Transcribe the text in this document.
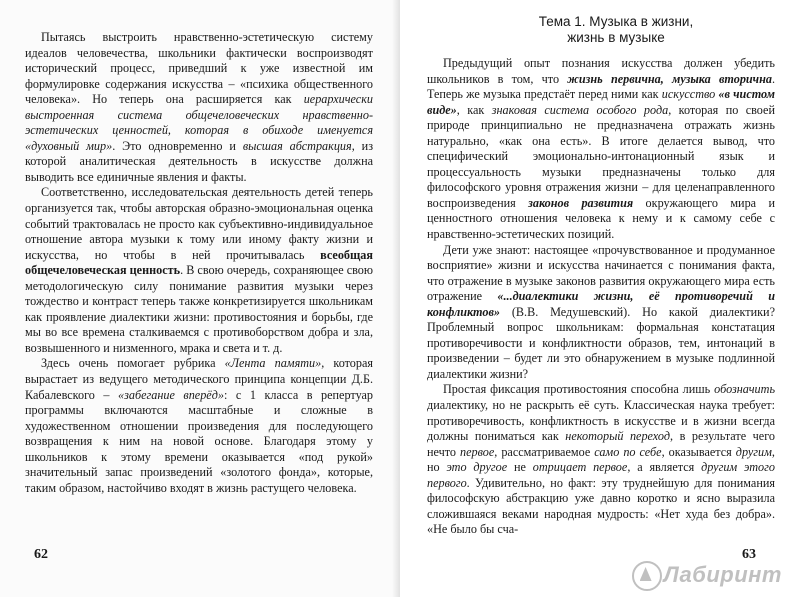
Пытаясь выстроить нравственно-эстетическую систему идеалов человечества, школьники фактически воспроизводят исторический процесс, приведший к уже известной им формулировке содержания искусства – «психика общественного человека». Но теперь она расширяется как иерархически выстроенная система общечеловеческих нравственно-эстетических ценностей, которая в обиходе именуется «духовный мир». Это одновременно и высшая абстракция, из которой аналитическая деятельность в искусстве должна выводить все единичные явления и факты.

Соответственно, исследовательская деятельность детей теперь организуется так, чтобы авторская образно-эмоциональная оценка событий трактовалась не просто как субъективно-индивидуальное отношение автора музыки к тому или иному факту жизни и искусства, но чтобы в ней прочитывалась всеобщая общечеловеческая ценность. В свою очередь, сохраняющее свою методологическую силу понимание развития музыки через тождество и контраст теперь также конкретизируется школьникам как проявление диалектики жизни: противостояния и борьбы, где мы во все времена сталкиваемся с противоборством добра и зла, возвышенного и низменного, мрака и света и т. д.

Здесь очень помогает рубрика «Лента памяти», которая вырастает из ведущего методического принципа концепции Д.Б. Кабалевского – «забегание вперёд»: с 1 класса в репертуар программы включаются масштабные и сложные в художественном отношении произведения для последующего возвращения к ним на новой основе. Благодаря этому у школьников к этому времени оказывается «под рукой» значительный запас произведений «золотого фонда», которые, таким образом, настойчиво входят в жизнь растущего человека.

62
Тема 1. Музыка в жизни,
жизнь в музыке

Предыдущий опыт познания искусства должен убедить школьников в том, что жизнь первична, музыка вторична. Теперь же музыка предстаёт перед ними как искусство «в чистом виде», как знаковая система особого рода, которая по своей природе принципиально не предназначена отражать жизнь натурально, «как она есть». В итоге делается вывод, что специфический эмоционально-интонационный язык и процессуальность музыки предназначены только для философского уровня отражения жизни – для целенаправленного воспроизведения законов развития окружающего мира и ценностного отношения человека к нему и к самому себе с нравственно-эстетических позиций.

Дети уже знают: настоящее «прочувствованное и продуманное восприятие» жизни и искусства начинается с понимания факта, что отражение в музыке законов развития окружающего мира есть отражение «...диалектики жизни, её противоречий и конфликтов» (В.В. Медушевский). Но какой диалектики? Проблемный вопрос школьникам: формальная констатация противоречивости и конфликтности образов, тем, интонаций в произведении – будет ли это обнаружением в музыке подлинной диалектики жизни?

Простая фиксация противостояния способна лишь обозначить диалектику, но не раскрыть её суть. Классическая наука требует: противоречивость, конфликтность в искусстве и в жизни всегда должны пониматься как некоторый переход, в результате чего нечто первое, рассматриваемое само по себе, оказывается другим, но это другое не отрицает первое, а является другим этого первого. Удивительно, но факт: эту труднейшую для понимания философскую абстракцию уже давно коротко и ясно выразила сложившаяся веками народная мудрость: «Нет худа без добра». «Не было бы сча-

63
Лабиринт
